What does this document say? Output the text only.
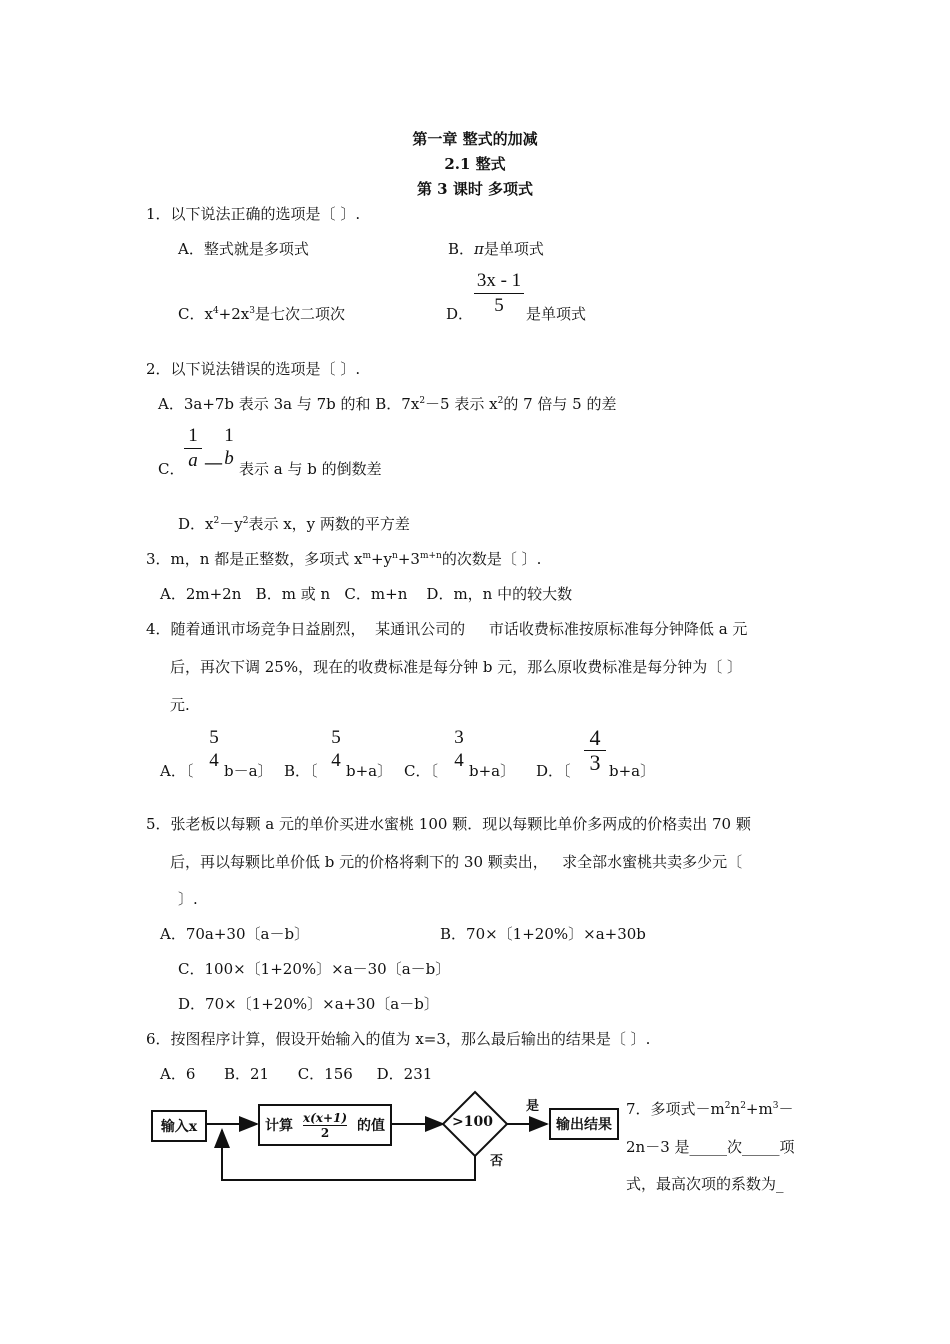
第一章 整式的加减
2.1 整式
第 3 课时 多项式
1．以下说法正确的选项是〔 〕.
A．整式就是多项式	B．π是单项式
C．$x^4+2x^3$是七次二项次	D．
3x - 1
5	是单项式
2．以下说法错误的选项是〔 〕.
A．3a+7b 表示 3a 与 7b 的和 B．$7x^2-5$ 表示 $x^2$的 7 倍与 5 的差
C．
1
a —
1
b 表示 a 与 b 的倒数差
D．$x^2-y^2$表示 x，y 两数的平方差
3．m，n 都是正整数，多项式 $x^m+y^n+3^{m+n}$的次数是〔 〕.
A．2m+2n   B．m 或 n   C．m+n    D．m，n 中的较大数
4．随着通讯市场竞争日益剧烈，  某通讯公司的     市话收费标准按原标准每分钟降低 a 元
后，再次下调 25%，现在的收费标准是每分钟 b 元，那么原收费标准是每分钟为〔 〕
元.
A．〔
5
4 b－a〕 B．〔
5
4 b+a〕 C．〔
3
4 b+a〕 D．〔
4
3 b+a〕
5．张老板以每颗 a 元的单价买进水蜜桃 100 颗．现以每颗比单价多两成的价格卖出 70 颗
后，再以每颗比单价低 b 元的价格将剩下的 30 颗卖出，   求全部水蜜桃共卖多少元〔
〕.
A．70a+30〔a－b〕	B．70×〔1+20%〕×a+30b
C．100×〔1+20%〕×a－30〔a－b〕
D．70×〔1+20%〕×a+30〔a－b〕
6．按图程序计算，假设开始输入的值为 x=3，那么最后输出的结果是〔 〕.
A．6      B．21      C．156     D．231
输入x	计算
x(x+1)
2	的值	>100
是
否
输出结果
7．多项式$-m^2n^2+m^3-$
2n－3 是_____次_____项
式，最高次项的系数为_
